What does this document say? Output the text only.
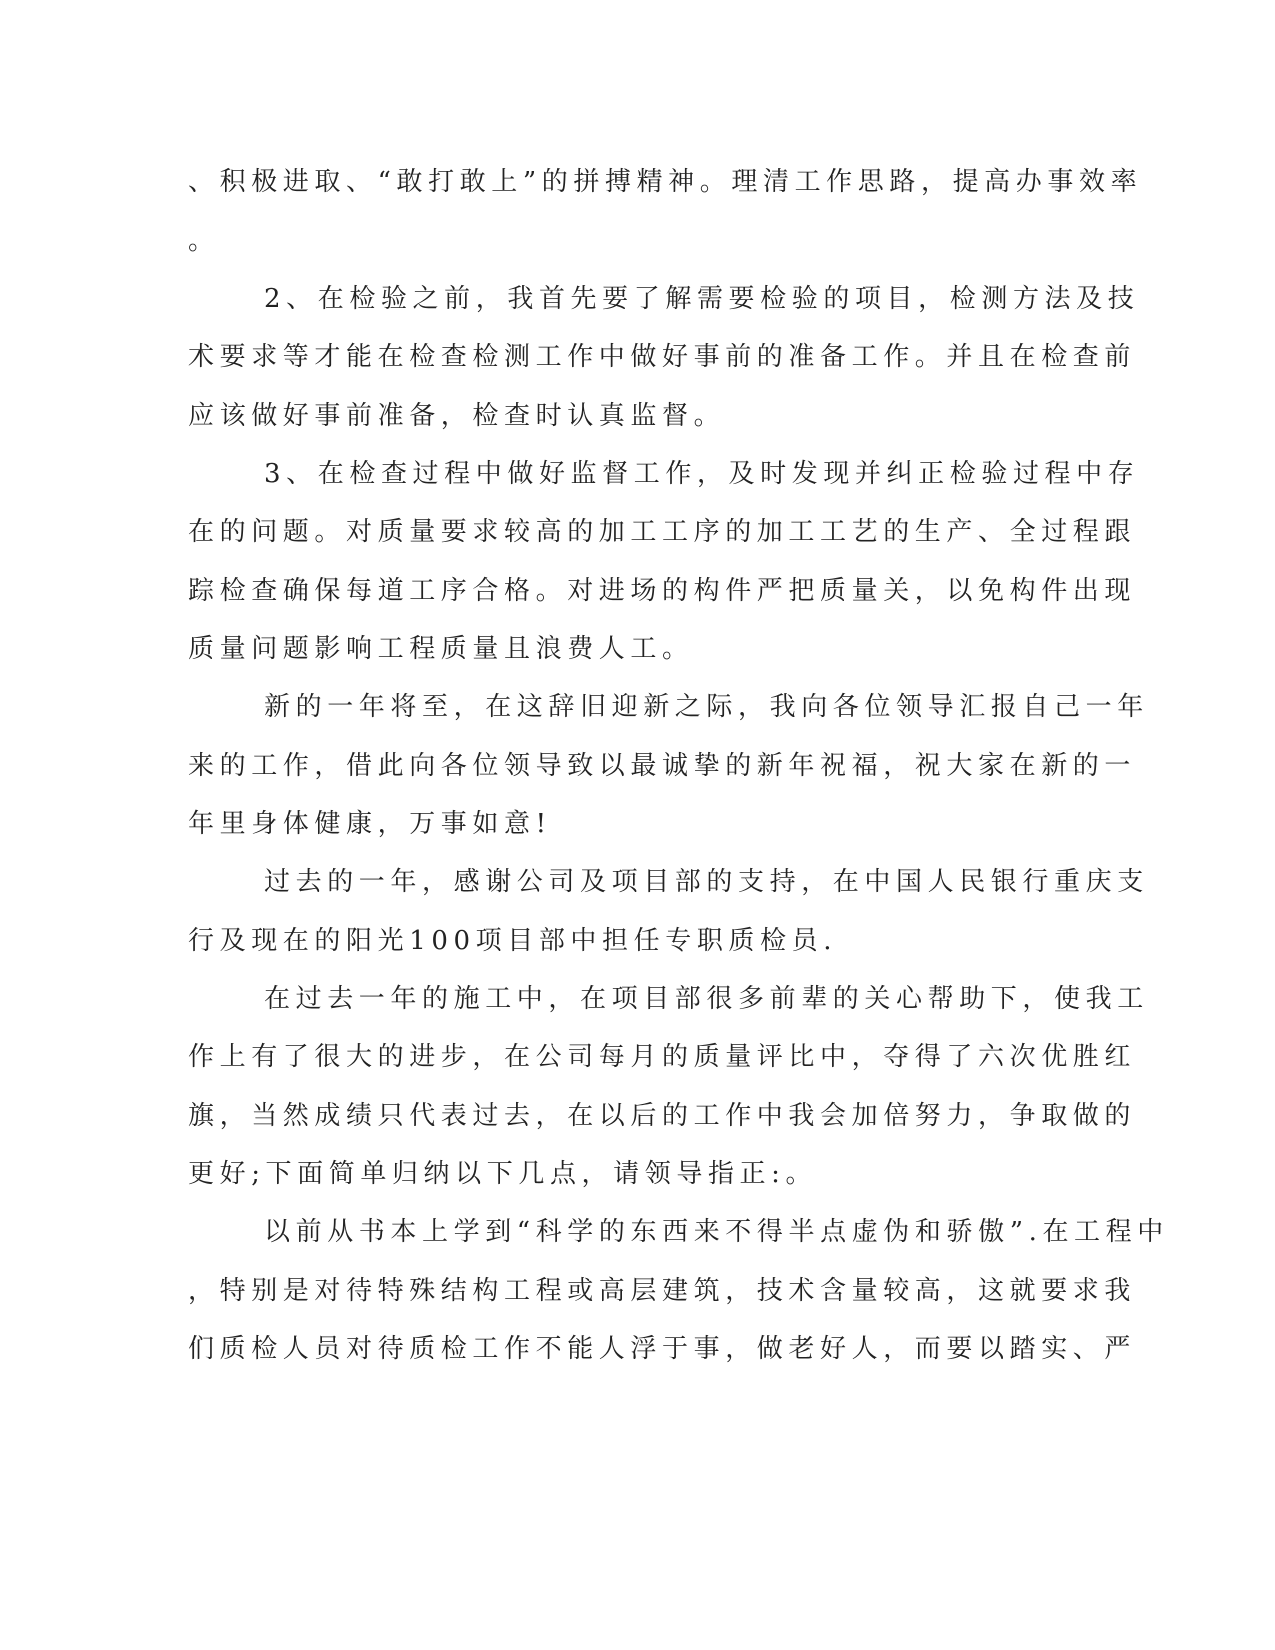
、积极进取、“敢打敢上”的拼搏精神。理清工作思路，提高办事效率
。
2、在检验之前，我首先要了解需要检验的项目，检测方法及技
术要求等才能在检查检测工作中做好事前的准备工作。并且在检查前
应该做好事前准备，检查时认真监督。
3、在检查过程中做好监督工作，及时发现并纠正检验过程中存
在的问题。对质量要求较高的加工工序的加工工艺的生产、全过程跟
踪检查确保每道工序合格。对进场的构件严把质量关，以免构件出现
质量问题影响工程质量且浪费人工。
新的一年将至，在这辞旧迎新之际，我向各位领导汇报自己一年
来的工作，借此向各位领导致以最诚挚的新年祝福，祝大家在新的一
年里身体健康，万事如意!
过去的一年，感谢公司及项目部的支持，在中国人民银行重庆支
行及现在的阳光100项目部中担任专职质检员.
在过去一年的施工中，在项目部很多前辈的关心帮助下，使我工
作上有了很大的进步，在公司每月的质量评比中，夺得了六次优胜红
旗，当然成绩只代表过去，在以后的工作中我会加倍努力，争取做的
更好;下面简单归纳以下几点，请领导指正:。
以前从书本上学到“科学的东西来不得半点虚伪和骄傲”.在工程中
，特别是对待特殊结构工程或高层建筑，技术含量较高，这就要求我
们质检人员对待质检工作不能人浮于事，做老好人，而要以踏实、严
